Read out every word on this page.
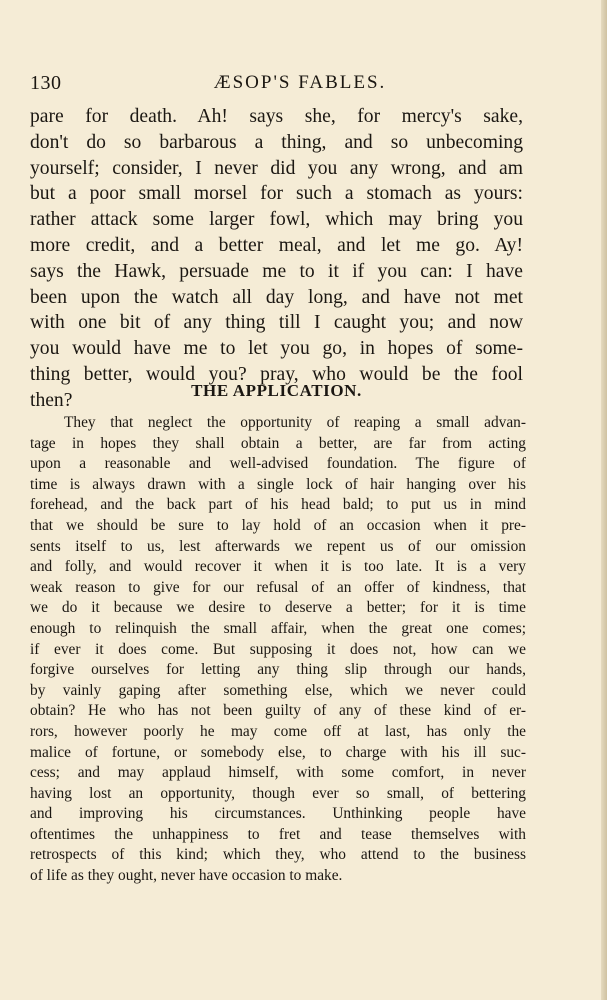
130	ÆSOP'S FABLES.
pare for death. Ah! says she, for mercy's sake,
don't do so barbarous a thing, and so unbecoming
yourself; consider, I never did you any wrong, and am
but a poor small morsel for such a stomach as yours:
rather attack some larger fowl, which may bring you
more credit, and a better meal, and let me go. Ay!
says the Hawk, persuade me to it if you can: I have
been upon the watch all day long, and have not met
with one bit of any thing till I caught you; and now
you would have me to let you go, in hopes of some-
thing better, would you? pray, who would be the fool
then?	THE APPLICATION.
They that neglect the opportunity of reaping a small advan-
tage in hopes they shall obtain a better, are far from acting
upon a reasonable and well-advised foundation. The figure of
time is always drawn with a single lock of hair hanging over his
forehead, and the back part of his head bald; to put us in mind
that we should be sure to lay hold of an occasion when it pre-
sents itself to us, lest afterwards we repent us of our omission
and folly, and would recover it when it is too late. It is a very
weak reason to give for our refusal of an offer of kindness, that
we do it because we desire to deserve a better; for it is time
enough to relinquish the small affair, when the great one comes;
if ever it does come. But supposing it does not, how can we
forgive ourselves for letting any thing slip through our hands,
by vainly gaping after something else, which we never could
obtain? He who has not been guilty of any of these kind of er-
rors, however poorly he may come off at last, has only the
malice of fortune, or somebody else, to charge with his ill suc-
cess; and may applaud himself, with some comfort, in never
having lost an opportunity, though ever so small, of bettering
and improving his circumstances. Unthinking people have
oftentimes the unhappiness to fret and tease themselves with
retrospects of this kind; which they, who attend to the business
of life as they ought, never have occasion to make.
